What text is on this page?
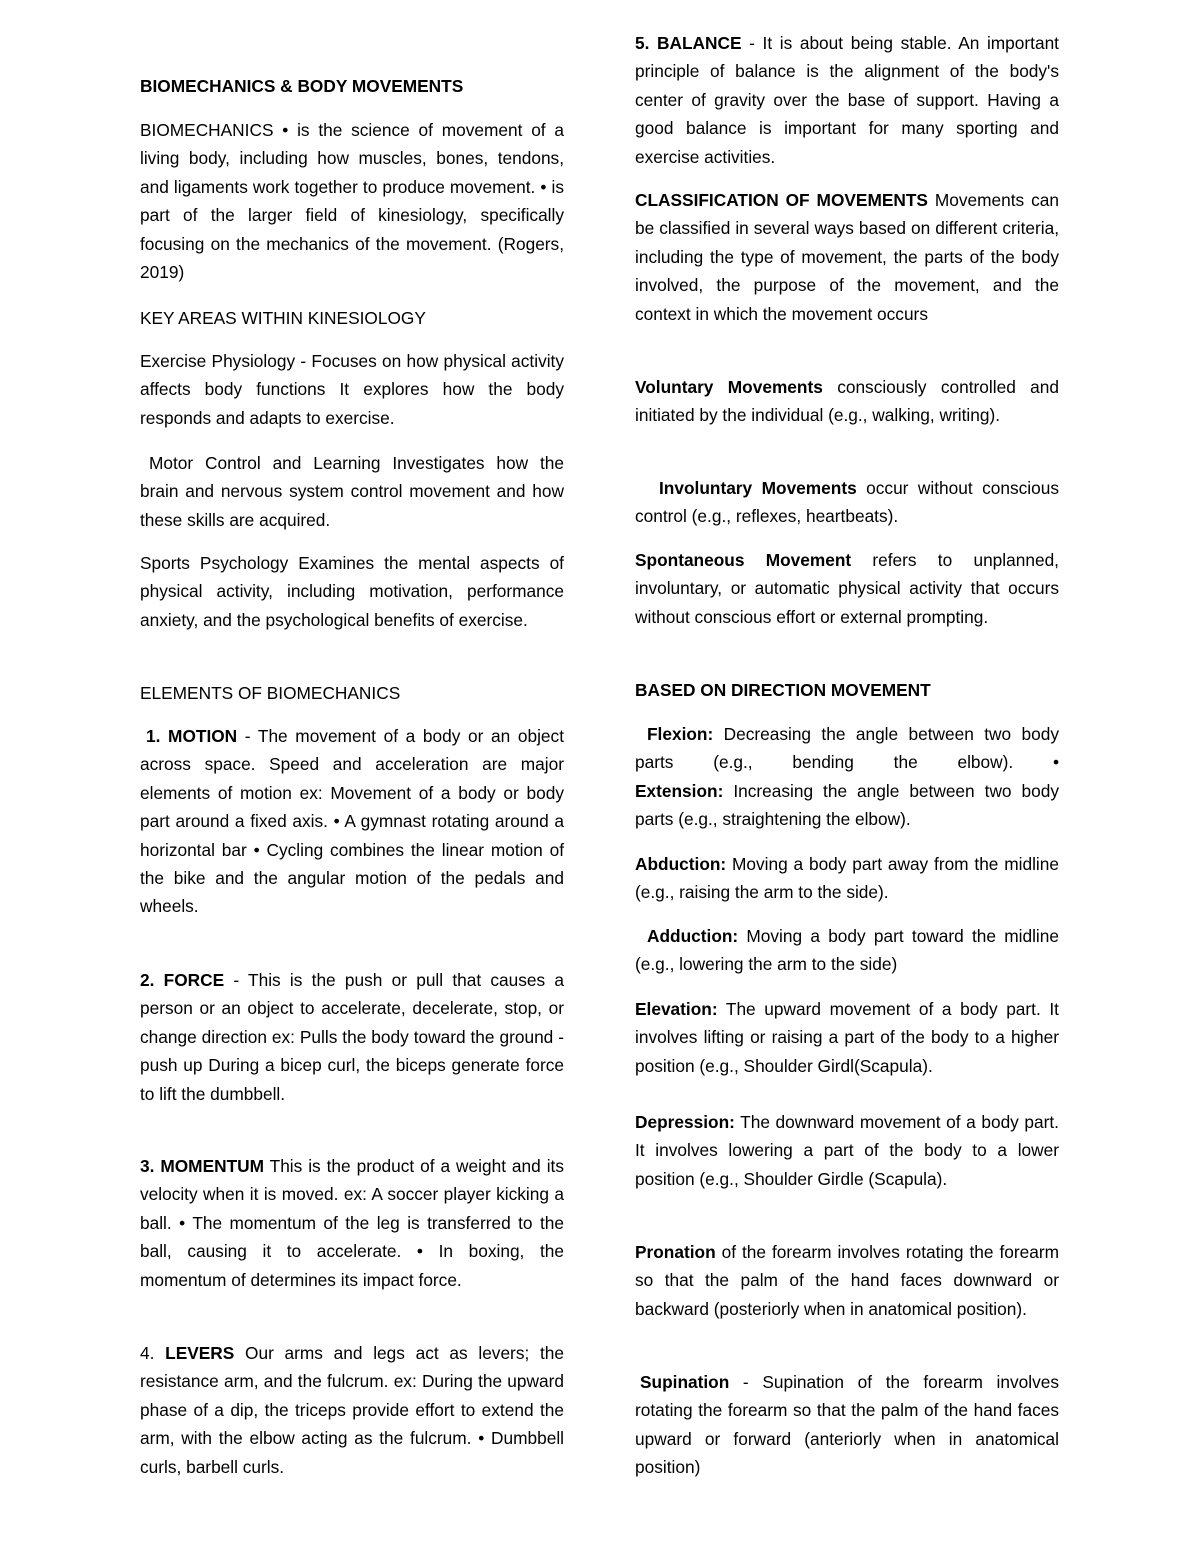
BIOMECHANICS & BODY MOVEMENTS

BIOMECHANICS • is the science of movement of a living body, including how muscles, bones, tendons, and ligaments work together to produce movement. • is part of the larger field of kinesiology, specifically focusing on the mechanics of the movement. (Rogers, 2019)

KEY AREAS WITHIN KINESIOLOGY

Exercise Physiology - Focuses on how physical activity affects body functions It explores how the body responds and adapts to exercise.

Motor Control and Learning Investigates how the brain and nervous system control movement and how these skills are acquired.

Sports Psychology Examines the mental aspects of physical activity, including motivation, performance anxiety, and the psychological benefits of exercise.

ELEMENTS OF BIOMECHANICS

1. MOTION - The movement of a body or an object across space. Speed and acceleration are major elements of motion ex: Movement of a body or body part around a fixed axis. • A gymnast rotating around a horizontal bar • Cycling combines the linear motion of the bike and the angular motion of the pedals and wheels.

2. FORCE - This is the push or pull that causes a person or an object to accelerate, decelerate, stop, or change direction ex: Pulls the body toward the ground - push up During a bicep curl, the biceps generate force to lift the dumbbell.

3. MOMENTUM This is the product of a weight and its velocity when it is moved. ex: A soccer player kicking a ball. • The momentum of the leg is transferred to the ball, causing it to accelerate. • In boxing, the momentum of determines its impact force.

4. LEVERS Our arms and legs act as levers; the resistance arm, and the fulcrum. ex: During the upward phase of a dip, the triceps provide effort to extend the arm, with the elbow acting as the fulcrum. • Dumbbell curls, barbell curls.

5. BALANCE - It is about being stable. An important principle of balance is the alignment of the body's center of gravity over the base of support. Having a good balance is important for many sporting and exercise activities.

CLASSIFICATION OF MOVEMENTS Movements can be classified in several ways based on different criteria, including the type of movement, the parts of the body involved, the purpose of the movement, and the context in which the movement occurs

Voluntary Movements consciously controlled and initiated by the individual (e.g., walking, writing).

Involuntary Movements occur without conscious control (e.g., reflexes, heartbeats).

Spontaneous Movement refers to unplanned, involuntary, or automatic physical activity that occurs without conscious effort or external prompting.

BASED ON DIRECTION MOVEMENT

Flexion: Decreasing the angle between two body parts (e.g., bending the elbow). •

Extension: Increasing the angle between two body parts (e.g., straightening the elbow).

Abduction: Moving a body part away from the midline (e.g., raising the arm to the side).

Adduction: Moving a body part toward the midline (e.g., lowering the arm to the side)

Elevation: The upward movement of a body part. It involves lifting or raising a part of the body to a higher position (e.g., Shoulder Girdl(Scapula).

Depression: The downward movement of a body part. It involves lowering a part of the body to a lower position (e.g., Shoulder Girdle (Scapula).

Pronation of the forearm involves rotating the forearm so that the palm of the hand faces downward or backward (posteriorly when in anatomical position).

Supination - Supination of the forearm involves rotating the forearm so that the palm of the hand faces upward or forward (anteriorly when in anatomical position)
